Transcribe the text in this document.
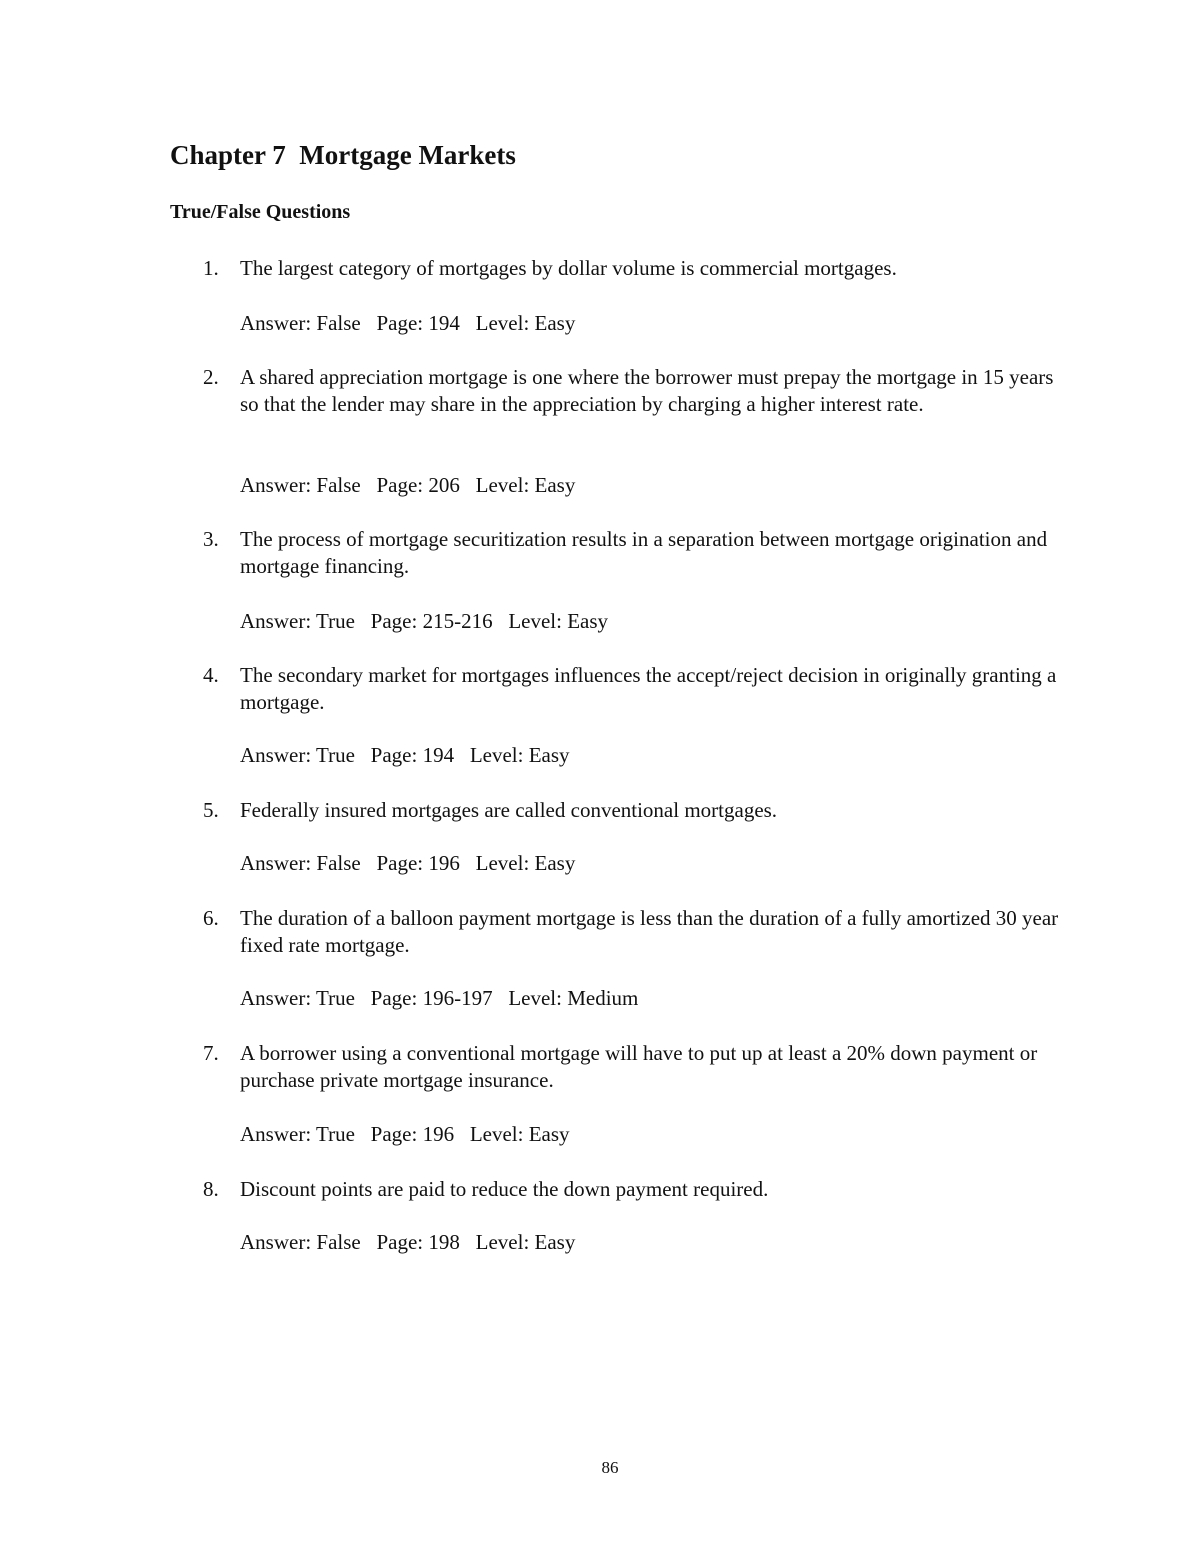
Chapter 7  Mortgage Markets
True/False Questions
1. The largest category of mortgages by dollar volume is commercial mortgages.

Answer: False   Page: 194   Level: Easy
2. A shared appreciation mortgage is one where the borrower must prepay the mortgage in 15 years so that the lender may share in the appreciation by charging a higher interest rate.

Answer: False   Page: 206   Level: Easy
3. The process of mortgage securitization results in a separation between mortgage origination and mortgage financing.

Answer: True   Page: 215-216   Level: Easy
4. The secondary market for mortgages influences the accept/reject decision in originally granting a mortgage.

Answer: True   Page: 194   Level: Easy
5. Federally insured mortgages are called conventional mortgages.

Answer: False   Page: 196   Level: Easy
6. The duration of a balloon payment mortgage is less than the duration of a fully amortized 30 year fixed rate mortgage.

Answer: True   Page: 196-197   Level: Medium
7. A borrower using a conventional mortgage will have to put up at least a 20% down payment or purchase private mortgage insurance.

Answer: True   Page: 196   Level: Easy
8. Discount points are paid to reduce the down payment required.

Answer: False   Page: 198   Level: Easy
86
